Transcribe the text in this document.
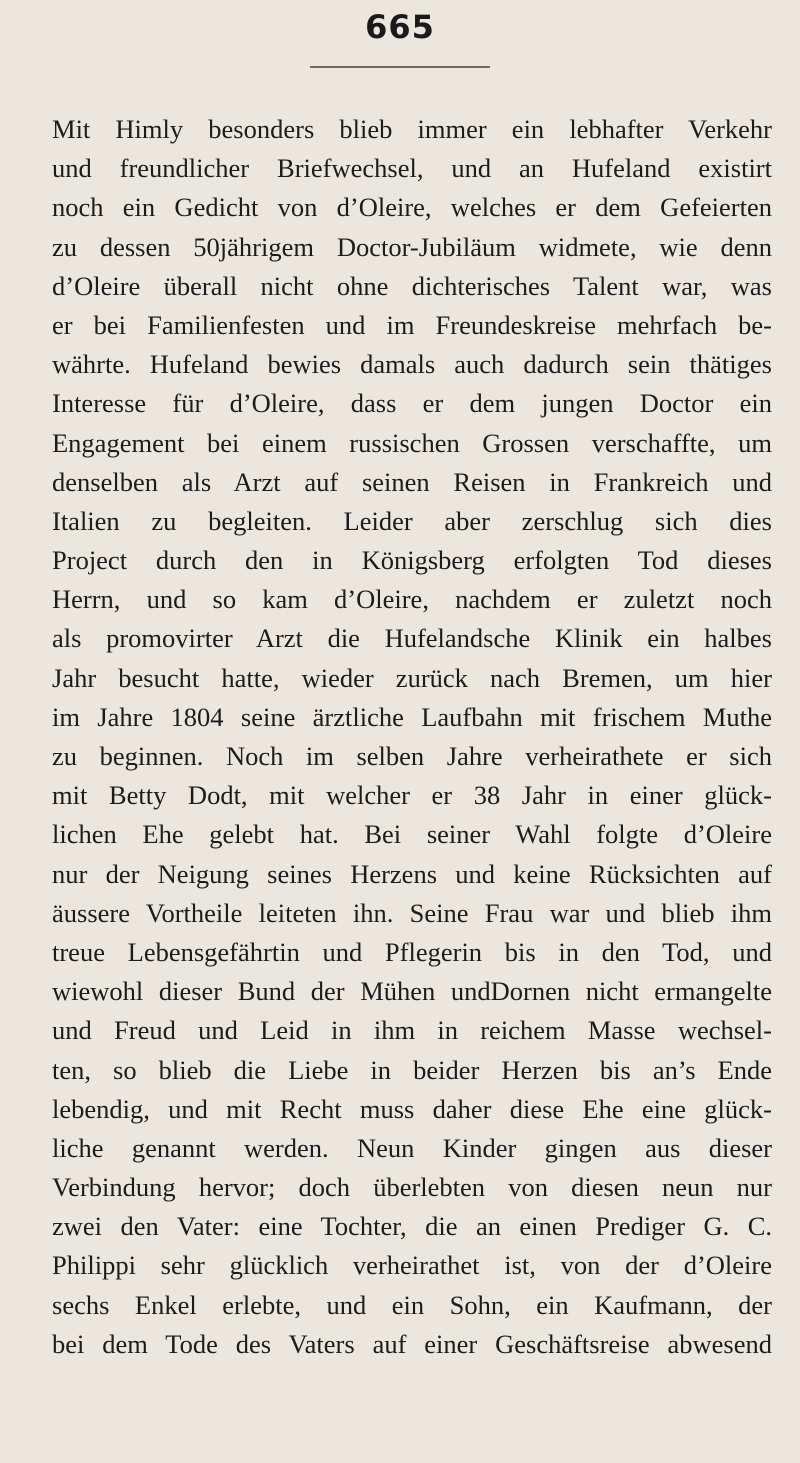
665
Mit Himly besonders blieb immer ein lebhafter Verkehr
und freundlicher Briefwechsel, und an Hufeland existirt
noch ein Gedicht von d’Oleire, welches er dem Gefeierten
zu dessen 50jährigem Doctor-Jubiläum widmete, wie denn
d’Oleire überall nicht ohne dichterisches Talent war, was
er bei Familienfesten und im Freundeskreise mehrfach be-
währte. Hufeland bewies damals auch dadurch sein thätiges
Interesse für d’Oleire, dass er dem jungen Doctor ein
Engagement bei einem russischen Grossen verschaffte, um
denselben als Arzt auf seinen Reisen in Frankreich und
Italien zu begleiten. Leider aber zerschlug sich dies
Project durch den in Königsberg erfolgten Tod dieses
Herrn, und so kam d’Oleire, nachdem er zuletzt noch
als promovirter Arzt die Hufelandsche Klinik ein halbes
Jahr besucht hatte, wieder zurück nach Bremen, um hier
im Jahre 1804 seine ärztliche Laufbahn mit frischem Muthe
zu beginnen. Noch im selben Jahre verheirathete er sich
mit Betty Dodt, mit welcher er 38 Jahr in einer glück-
lichen Ehe gelebt hat. Bei seiner Wahl folgte d’Oleire
nur der Neigung seines Herzens und keine Rücksichten auf
äussere Vortheile leiteten ihn. Seine Frau war und blieb ihm
treue Lebensgefährtin und Pflegerin bis in den Tod, und
wiewohl dieser Bund der Mühen undDornen nicht ermangelte
und Freud und Leid in ihm in reichem Masse wechsel-
ten, so blieb die Liebe in beider Herzen bis an’s Ende
lebendig, und mit Recht muss daher diese Ehe eine glück-
liche genannt werden. Neun Kinder gingen aus dieser
Verbindung hervor; doch überlebten von diesen neun nur
zwei den Vater: eine Tochter, die an einen Prediger G. C.
Philippi sehr glücklich verheirathet ist, von der d’Oleire
sechs Enkel erlebte, und ein Sohn, ein Kaufmann, der
bei dem Tode des Vaters auf einer Geschäftsreise abwesend
